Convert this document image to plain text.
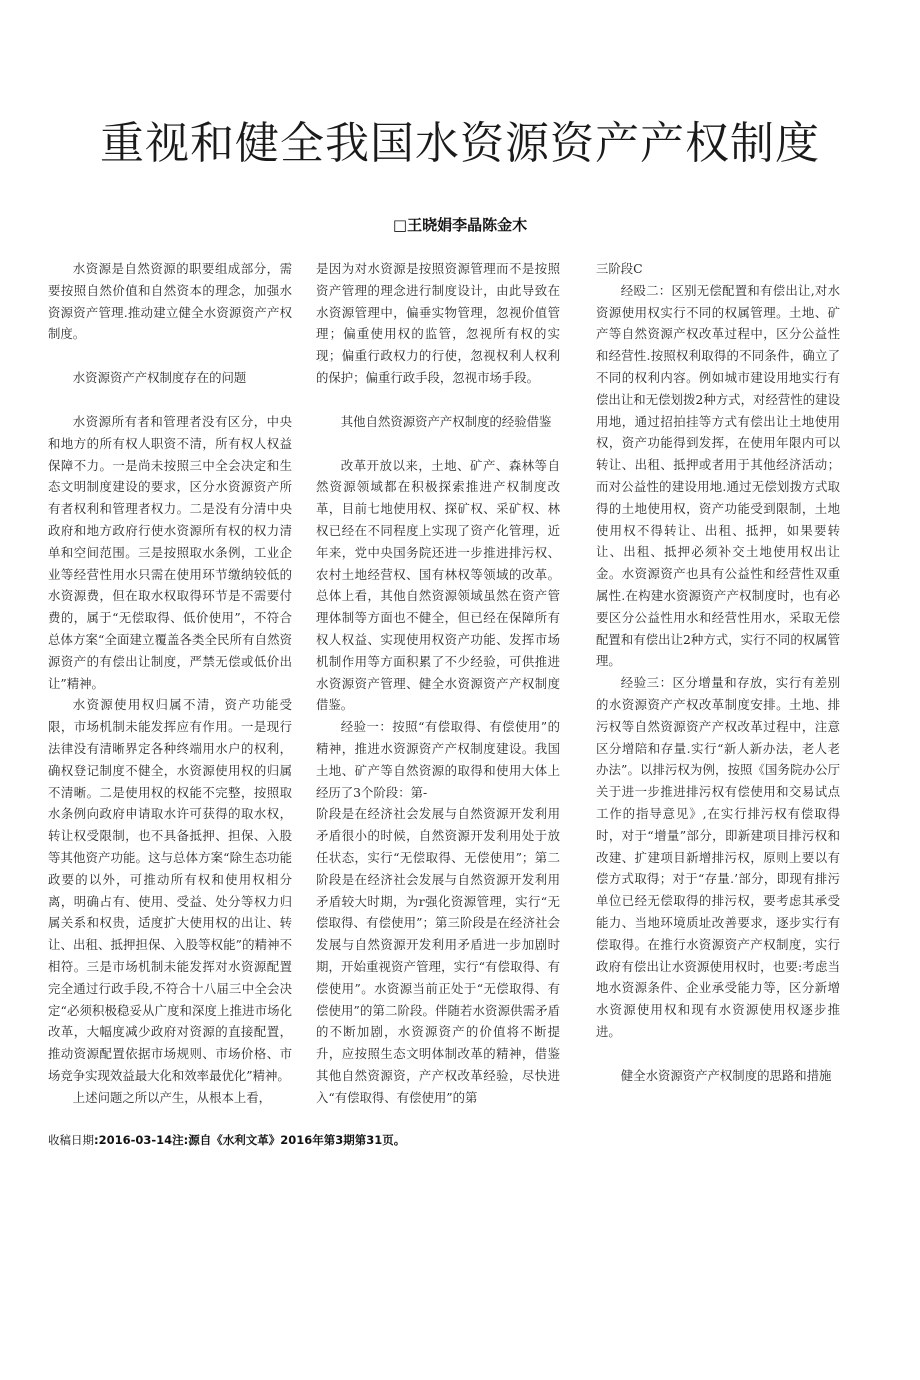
重视和健全我国水资源资产产权制度
□王晓娟李晶陈金木

水资源是自然资源的职要组成部分，需要按照自然价值和自然资本的理念，加强水资源资产管理.推动建立健全水资源资产产权制度。

水资源资产产权制度存在的问题

水资源所有者和管理者没有区分，中央和地方的所有权人职资不清，所有权人权益保障不力。一是尚未按照三中全会决定和生态文明制度建设的要求，区分水资源资产所有者权利和管理者权力。二是没有分清中央政府和地方政府行使水资源所有权的权力清单和空间范围。三是按照取水条例，工业企业等经营性用水只需在使用环节缴纳较低的水资源费，但在取水权取得环节是不需要付费的，属于“无偿取得、低价使用”，不符合总体方案“全面建立覆盖各类全民所有自然资源资产的有偿出让制度，严禁无偿或低价出让”精神。

水资源使用权归属不清，资产功能受限，市场机制未能发挥应有作用。一是现行法律没有清晰界定各种终端用水户的权利，确权登记制度不健全，水资源使用权的归属不清晰。二是使用权的权能不完整，按照取水条例向政府申请取水许可获得的取水权，转让权受限制，也不具备抵押、担保、入股等其他资产功能。这与总体方案“除生态功能政要的以外，可推动所有权和使用权相分离，明确占有、使用、受益、处分等权力归属关系和权贵，适度扩大使用权的出让、转让、出租、抵押担保、入股等权能”的精神不相符。三是市场机制未能发挥对水资源配置完全通过行政手段,不符合十八届三中全会决定“必须积极稳妥从广度和深度上推进市场化改革，大幅度减少政府对资源的直接配置，推动资源配置依据市场规则、市场价格、市场竞争实现效益最大化和效率最优化”精神。

上述问题之所以产生，从根本上看，

是因为对水资源是按照资源管理而不是按照资产管理的理念进行制度设计，由此导致在水资源管理中，偏垂实物管理，忽视价值管理；偏重使用权的监管，忽视所有权的实现；偏重行政权力的行使，忽视权利人权利的保护；偏重行政手段，忽视市场手段。

其他自然资源资产产权制度的经验借鉴

改革开放以来，土地、矿产、森林等自然资源领域都在积极探索推进产权制度改革，目前七地使用权、探矿权、采矿权、林权已经在不同程度上实现了资产化管理，近年来，党中央国务院还进一步推进排污权、农村土地经营权、国有林权等领域的改革。总体上看，其他自然资源领域虽然在资产管理体制等方面也不健全，但已经在保障所有权人权益、实现使用权资产功能、发挥市场机制作用等方面积累了不少经验，可供推进水资源资产管理、健全水资源资产产权制度借鉴。

经验一：按照“有偿取得、有偿使用”的精神，推进水资源资产产权制度建设。我国土地、矿产等自然资源的取得和使用大体上经历了3个阶段：第-

阶段是在经济社会发展与自然资源开发利用矛盾很小的时候，自然资源开发利用处于放任状态，实行“无偿取得、无偿使用”；第二阶段是在经济社会发展与自然资源开发利用矛盾较大时期，为r强化资源管理，实行“无偿取得、有偿使用”；第三阶段是在经济社会发展与自然资源开发利用矛盾进一步加剧时期，开始重视资产管理，实行“有偿取得、有偿使用”。水资源当前正处于“无偿取得、有偿使用”的第二阶段。伴随若水资源供需矛盾的不断加剧，水资源资产的价值将不断提升，应按照生态文明体制改革的精神，借鉴其他自然资源资，产产权改革经验，尽快进入“有偿取得、有偿使用”的第

三阶段C

经殴二：区别无偿配置和有偿出让,对水资源使用权实行不同的权属管理。土地、矿产等自然资源产权改革过程中，区分公益性和经营性.按照权利取得的不同条件，确立了不同的权利内容。例如城市建设用地实行有偿出让和无偿划拨2种方式，对经营性的建设用地，通过招拍挂等方式有偿出让土地使用权，资产功能得到发挥，在使用年限内可以转让、出租、抵押或者用于其他经济活动；而对公益性的建设用地.通过无偿划拨方式取得的土地使用权，资产功能受到限制，土地使用权不得转让、出租、抵押，如果要转让、出租、抵押必须补交土地使用权出让金。水资源资产也具有公益性和经营性双重属性.在构建水资源资产产权制度时，也有必要区分公益性用水和经营性用水，采取无偿配置和有偿出让2种方式，实行不同的权属管理。

经验三：区分增量和存放，实行有差别的水资源资产产权改革制度安排。土地、排污权等自然资源资产产权改革过程中，注意区分增陪和存量.实行“新人新办法，老人老办法”。以排污权为例，按照《国务院办公厅关于进一步推进排污权有偿使用和交易试点工作的指导意见》,在实行排污权有偿取得时，对于“增量”部分，即新建项目排污权和改建、扩建项目新增排污权，原则上要以有偿方式取得；对于“存量.’部分，即现有排污单位已经无偿取得的排污权，要考虑其承受能力、当地环境质址改善要求，逐步实行有偿取得。在推行水资源资产产权制度，实行政府有偿出让水资源使用权时，也要:考虑当地水资源条件、企业承受能力等，区分新增水资源使用权和现有水资源使用权逐步推进。

健全水资源资产产权制度的思路和措施
收稿日期:2016-03-14注:源自《水利文革》2016年第3期第31页。
